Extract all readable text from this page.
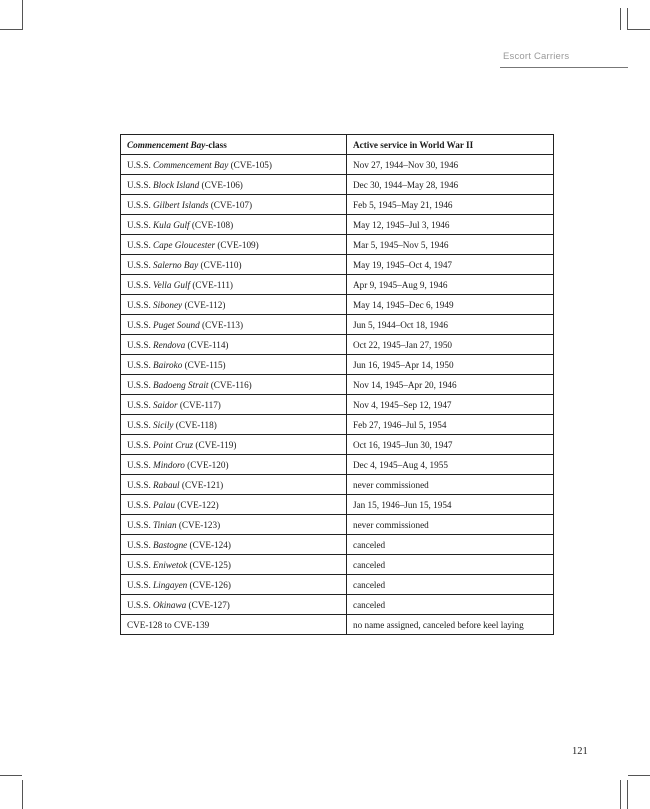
Escort Carriers
Commencement Bay-class	Active service in World War II
U.S.S. Commencement Bay (CVE-105)	Nov 27, 1944–Nov 30, 1946
U.S.S. Block Island (CVE-106)	Dec 30, 1944–May 28, 1946
U.S.S. Gilbert Islands (CVE-107)	Feb 5, 1945–May 21, 1946
U.S.S. Kula Gulf (CVE-108)	May 12, 1945–Jul 3, 1946
U.S.S. Cape Gloucester (CVE-109)	Mar 5, 1945–Nov 5, 1946
U.S.S. Salerno Bay (CVE-110)	May 19, 1945–Oct 4, 1947
U.S.S. Vella Gulf (CVE-111)	Apr 9, 1945–Aug 9, 1946
U.S.S. Siboney (CVE-112)	May 14, 1945–Dec 6, 1949
U.S.S. Puget Sound (CVE-113)	Jun 5, 1944–Oct 18, 1946
U.S.S. Rendova (CVE-114)	Oct 22, 1945–Jan 27, 1950
U.S.S. Bairoko (CVE-115)	Jun 16, 1945–Apr 14, 1950
U.S.S. Badoeng Strait (CVE-116)	Nov 14, 1945–Apr 20, 1946
U.S.S. Saidor (CVE-117)	Nov 4, 1945–Sep 12, 1947
U.S.S. Sicily (CVE-118)	Feb 27, 1946–Jul 5, 1954
U.S.S. Point Cruz (CVE-119)	Oct 16, 1945–Jun 30, 1947
U.S.S. Mindoro (CVE-120)	Dec 4, 1945–Aug 4, 1955
U.S.S. Rabaul (CVE-121)	never commissioned
U.S.S. Palau (CVE-122)	Jan 15, 1946–Jun 15, 1954
U.S.S. Tinian (CVE-123)	never commissioned
U.S.S. Bastogne (CVE-124)	canceled
U.S.S. Eniwetok (CVE-125)	canceled
U.S.S. Lingayen (CVE-126)	canceled
U.S.S. Okinawa (CVE-127)	canceled
CVE-128 to CVE-139	no name assigned, canceled before keel laying
121
